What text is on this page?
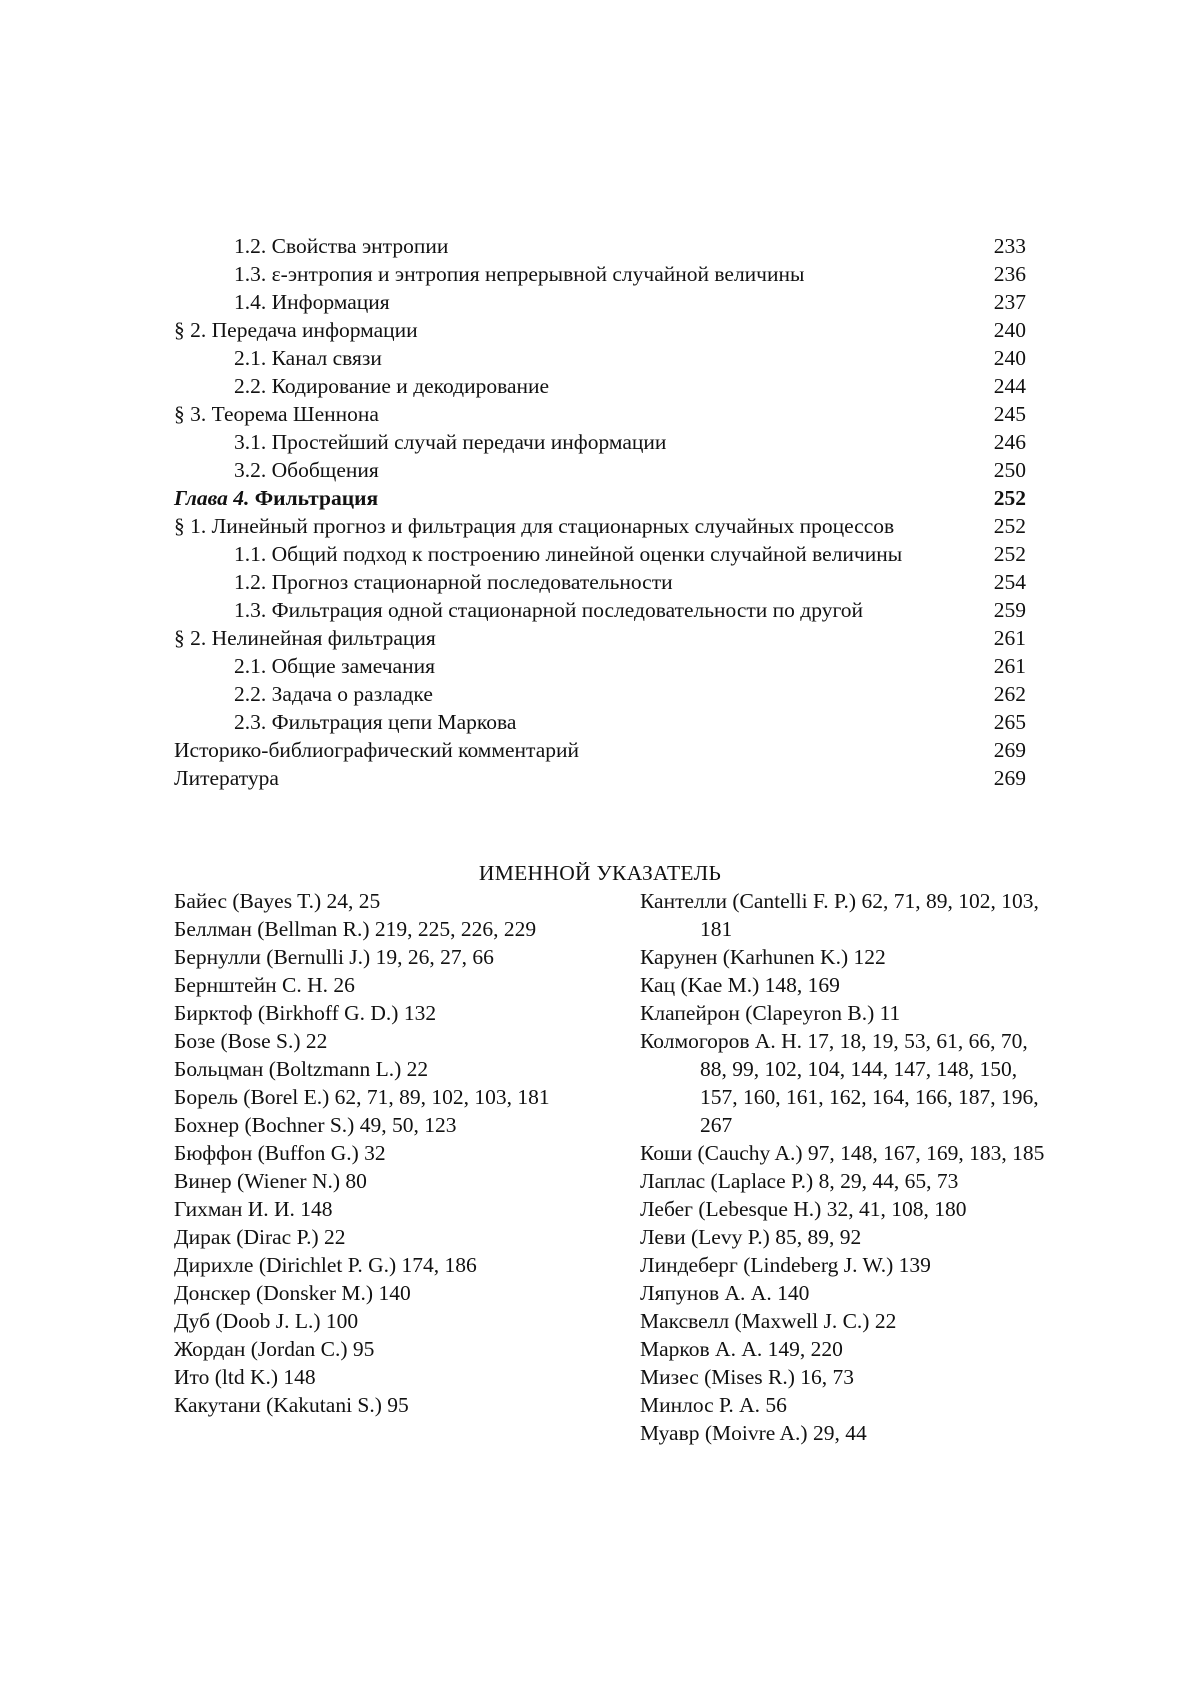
1.2. Свойства энтропии	233
1.3. ε-энтропия и энтропия непрерывной случайной величины	236
1.4. Информация	237
§ 2. Передача информации	240
2.1. Канал связи	240
2.2. Кодирование и декодирование	244
§ 3. Теорема Шеннона	245
3.1. Простейший случай передачи информации	246
3.2. Обобщения	250
Глава 4. Фильтрация	252
§ 1. Линейный прогноз и фильтрация для стационарных случайных процессов	252
1.1. Общий подход к построению линейной оценки случайной величины	252
1.2. Прогноз стационарной последовательности	254
1.3. Фильтрация одной стационарной последовательности по другой	259
§ 2. Нелинейная фильтрация	261
2.1. Общие замечания	261
2.2. Задача о разладке	262
2.3. Фильтрация цепи Маркова	265
Историко-библиографический комментарий	269
Литература	269
ИМЕННОЙ УКАЗАТЕЛЬ
Байес (Bayes T.) 24, 25
Беллман (Bellman R.) 219, 225, 226, 229
Бернулли (Bernulli J.) 19, 26, 27, 66
Бернштейн С. Н. 26
Бирктоф (Birkhoff G. D.) 132
Бозе (Bose S.) 22
Больцман (Boltzmann L.) 22
Борель (Borel E.) 62, 71, 89, 102, 103, 181
Бохнер (Bochner S.) 49, 50, 123
Бюффон (Buffon G.) 32
Винер (Wiener N.) 80
Гихман И. И. 148
Дирак (Dirac P.) 22
Дирихле (Dirichlet P. G.) 174, 186
Донскер (Donsker M.) 140
Дуб (Doob J. L.) 100
Жордан (Jordan C.) 95
Ито (ltd K.) 148
Какутани (Kakutani S.) 95
Кантелли (Cantelli F. P.) 62, 71, 89, 102, 103, 181
Карунен (Karhunen K.) 122
Кац (Kae M.) 148, 169
Клапейрон (Clapeyron B.) 11
Колмогоров А. Н. 17, 18, 19, 53, 61, 66, 70, 88, 99, 102, 104, 144, 147, 148, 150, 157, 160, 161, 162, 164, 166, 187, 196, 267
Коши (Cauchy A.) 97, 148, 167, 169, 183, 185
Лаплас (Laplace P.) 8, 29, 44, 65, 73
Лебег (Lebesque H.) 32, 41, 108, 180
Леви (Levy P.) 85, 89, 92
Линдеберг (Lindeberg J. W.) 139
Ляпунов А. А. 140
Максвелл (Maxwell J. C.) 22
Марков А. А. 149, 220
Мизес (Mises R.) 16, 73
Минлос Р. А. 56
Муавр (Moivre A.) 29, 44
